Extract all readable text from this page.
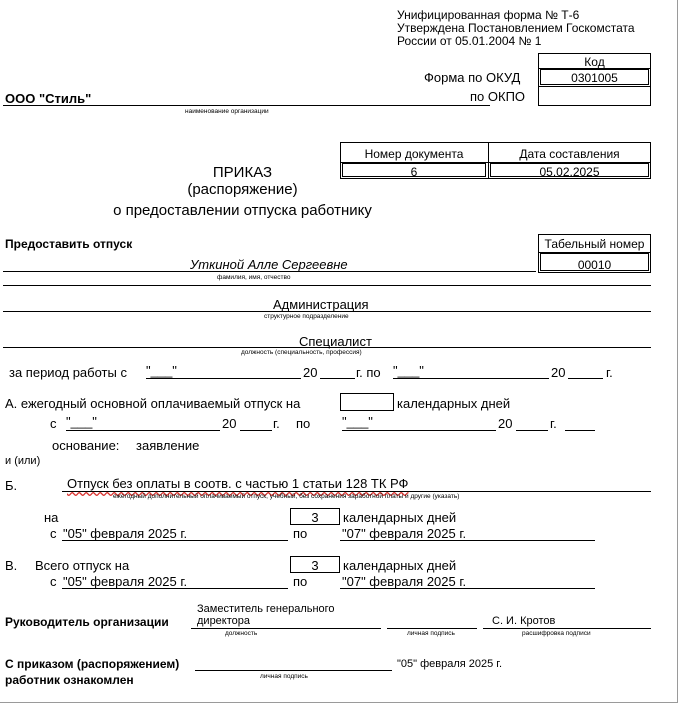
Унифицированная форма № Т-6
Утверждена Постановлением Госкомстата
России от 05.01.2004 № 1
Код
0301005
Форма по ОКУД
по ОКПО
ООО "Стиль"
наименование организации
Номер документа	Дата составления
6	05.02.2025
ПРИКАЗ
(распоряжение)
о предоставлении отпуска работнику
Предоставить отпуск	Табельный номер
00010
Уткиной Алле Сергеевне
фамилия, имя, отчество
Администрация
структурное подразделение
Специалист
должность (специальность, профессия)
за период работы с "___"	20	г. по "___"	20	г.
А. ежегодный основной оплачиваемый отпуск на	календарных дней
с "___"	20	г. по "___"	20	г.
основание: заявление
и (или)
Б.	Отпуск без оплаты в соотв. с частью 1 статьи 128 ТК РФ
ежегодный дополнительный оплачиваемый отпуск, учебный, без сохранения заработной платы и другие (указать)
на	3	календарных дней
с "05" февраля 2025 г.	по	"07" февраля 2025 г.
В. Всего отпуск на	3	календарных дней
с "05" февраля 2025 г.	по	"07" февраля 2025 г.
Руководитель организации
Заместитель генерального
директора	С. И. Кротов
должность	личная подпись	расшифровка подписи
С приказом (распоряжением)
работник ознакомлен	личная подпись
"05" февраля 2025 г.
